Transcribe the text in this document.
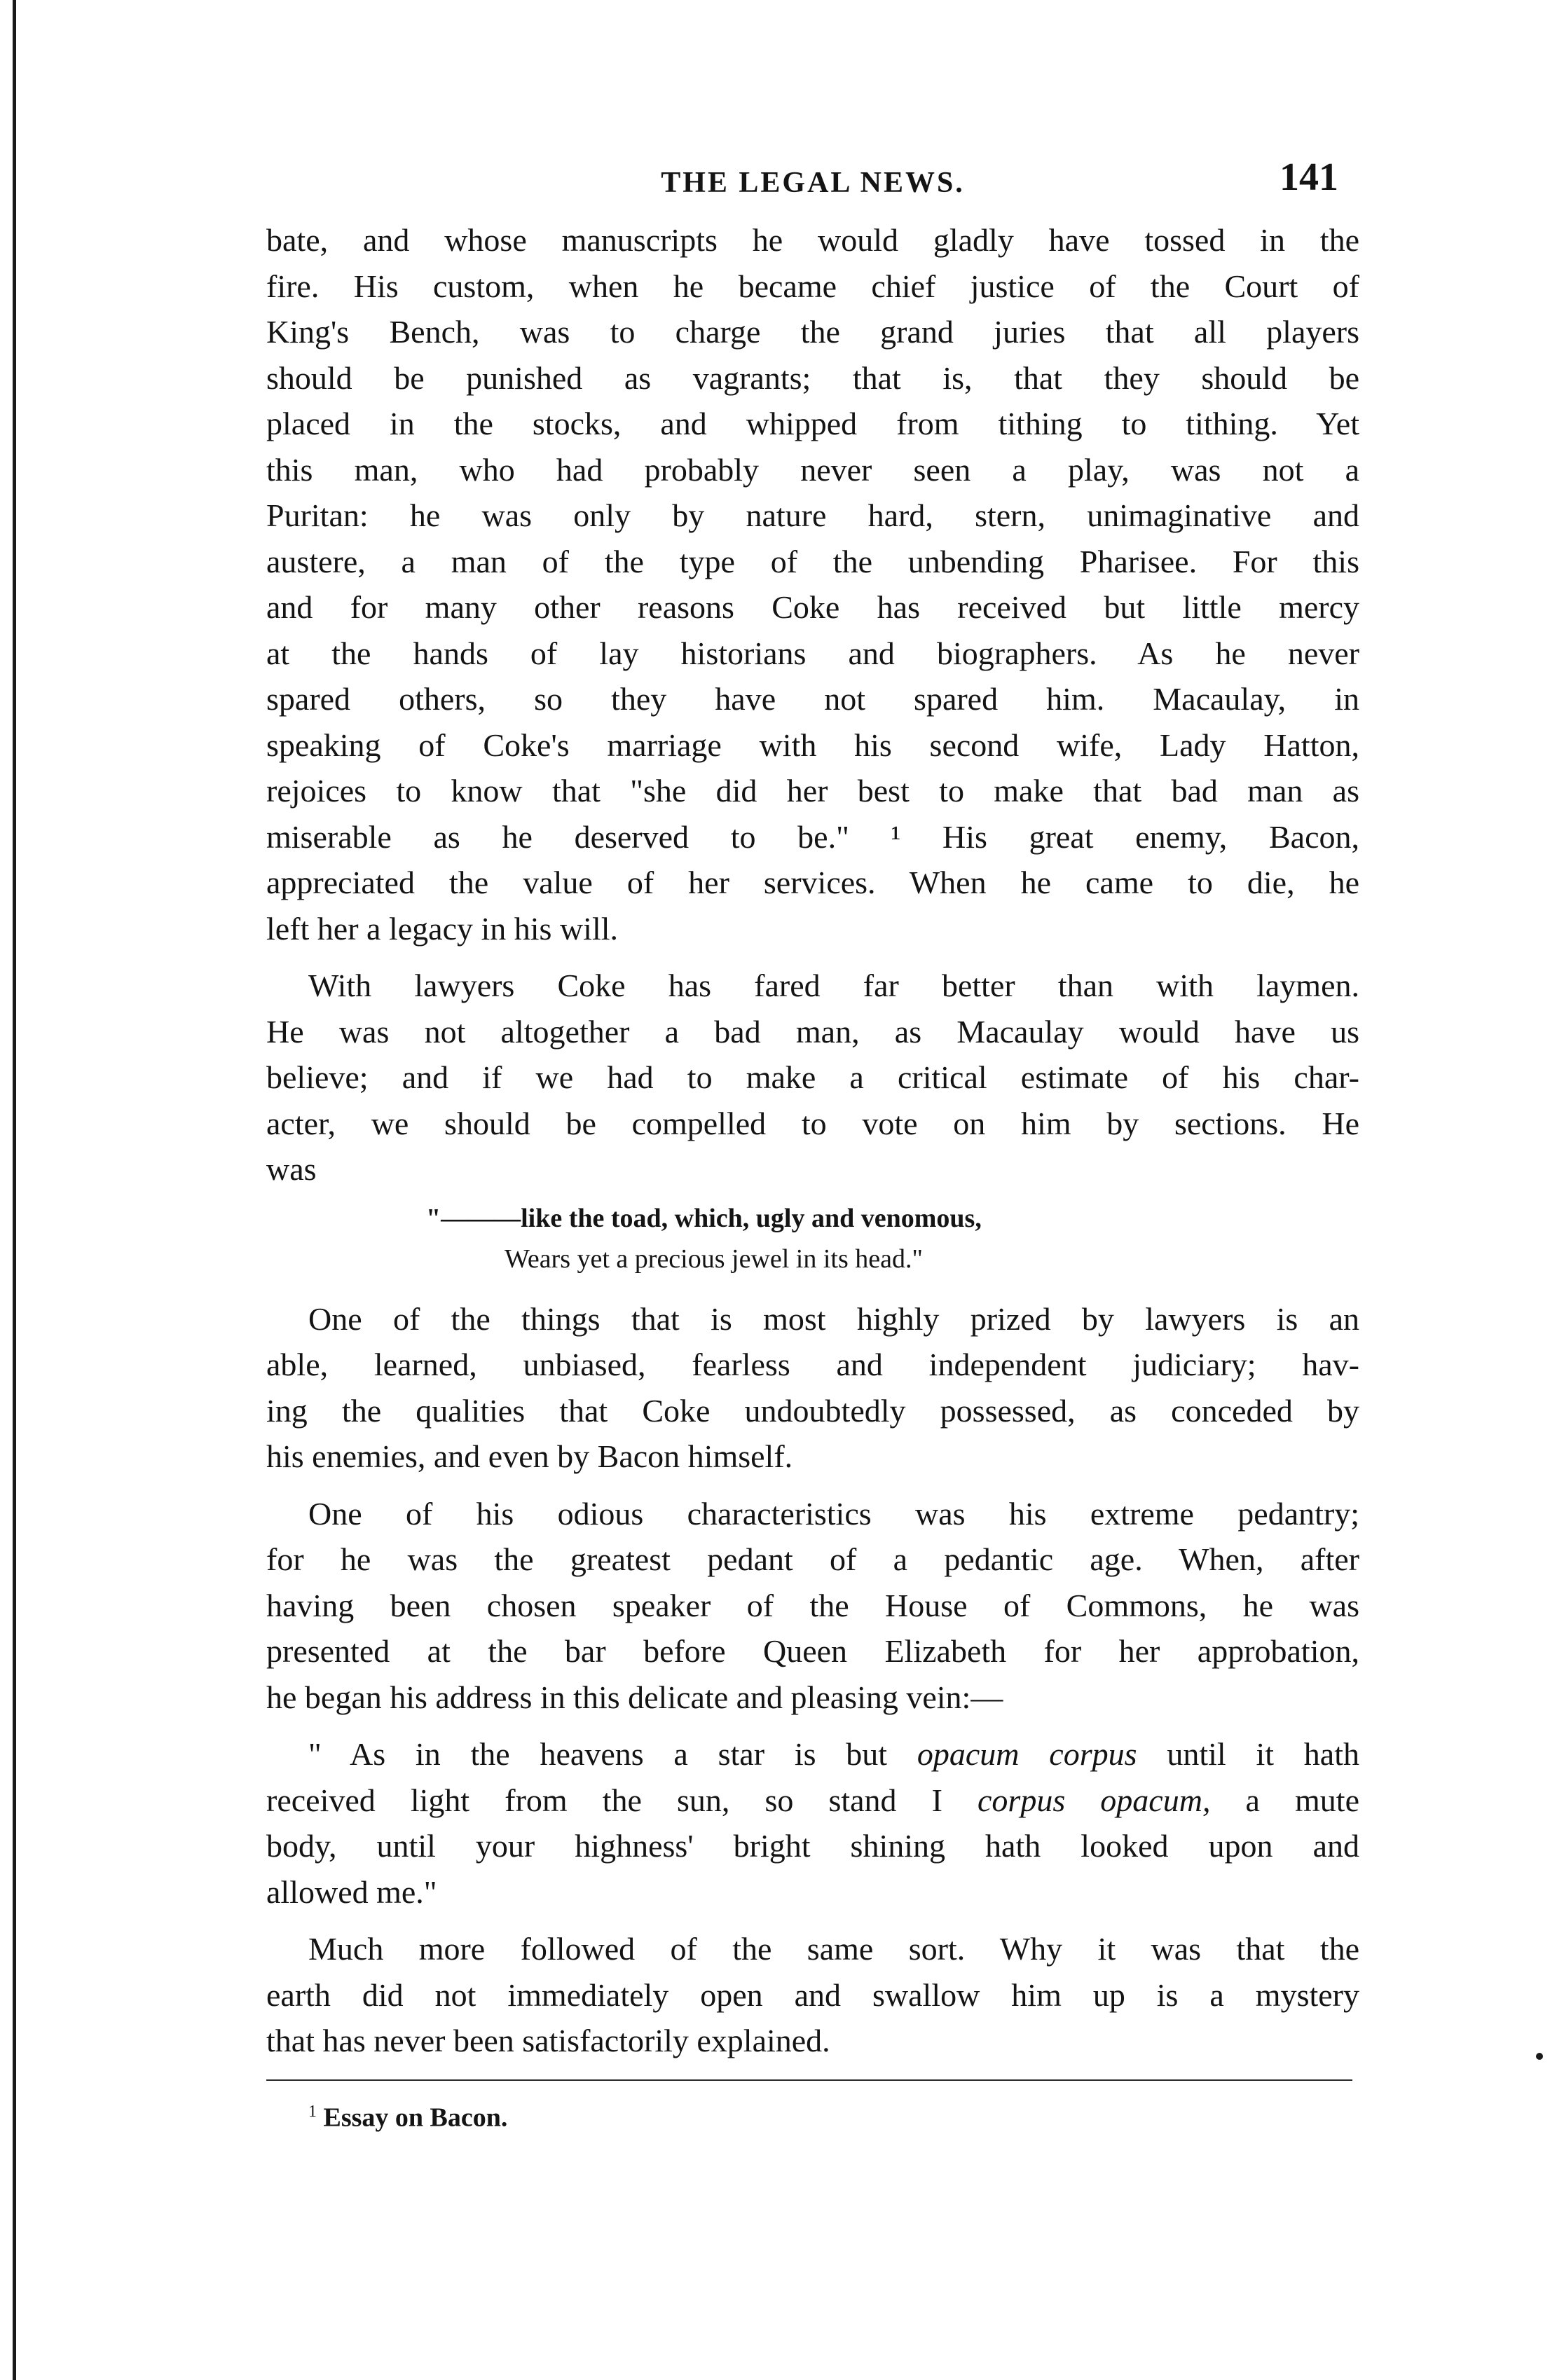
THE LEGAL NEWS.	141
bate, and whose manuscripts he would gladly have tossed in the
fire. His custom, when he became chief justice of the Court of
King's Bench, was to charge the grand juries that all players
should be punished as vagrants; that is, that they should be
placed in the stocks, and whipped from tithing to tithing. Yet
this man, who had probably never seen a play, was not a
Puritan: he was only by nature hard, stern, unimaginative and
austere, a man of the type of the unbending Pharisee. For this
and for many other reasons Coke has received but little mercy
at the hands of lay historians and biographers. As he never
spared others, so they have not spared him. Macaulay, in
speaking of Coke's marriage with his second wife, Lady Hatton,
rejoices to know that "she did her best to make that bad man as
miserable as he deserved to be." ¹ His great enemy, Bacon,
appreciated the value of her services. When he came to die, he
left her a legacy in his will.
With lawyers Coke has fared far better than with laymen.
He was not altogether a bad man, as Macaulay would have us
believe; and if we had to make a critical estimate of his char-
acter, we should be compelled to vote on him by sections. He
was
"———like the toad, which, ugly and venomous,
Wears yet a precious jewel in its head."
One of the things that is most highly prized by lawyers is an
able, learned, unbiased, fearless and independent judiciary; hav-
ing the qualities that Coke undoubtedly possessed, as conceded by
his enemies, and even by Bacon himself.
One of his odious characteristics was his extreme pedantry;
for he was the greatest pedant of a pedantic age. When, after
having been chosen speaker of the House of Commons, he was
presented at the bar before Queen Elizabeth for her approbation,
he began his address in this delicate and pleasing vein:—
" As in the heavens a star is but opacum corpus until it hath
received light from the sun, so stand I corpus opacum, a mute
body, until your highness' bright shining hath looked upon and
allowed me."
Much more followed of the same sort. Why it was that the
earth did not immediately open and swallow him up is a mystery
that has never been satisfactorily explained.
$^1$ Essay on Bacon.
